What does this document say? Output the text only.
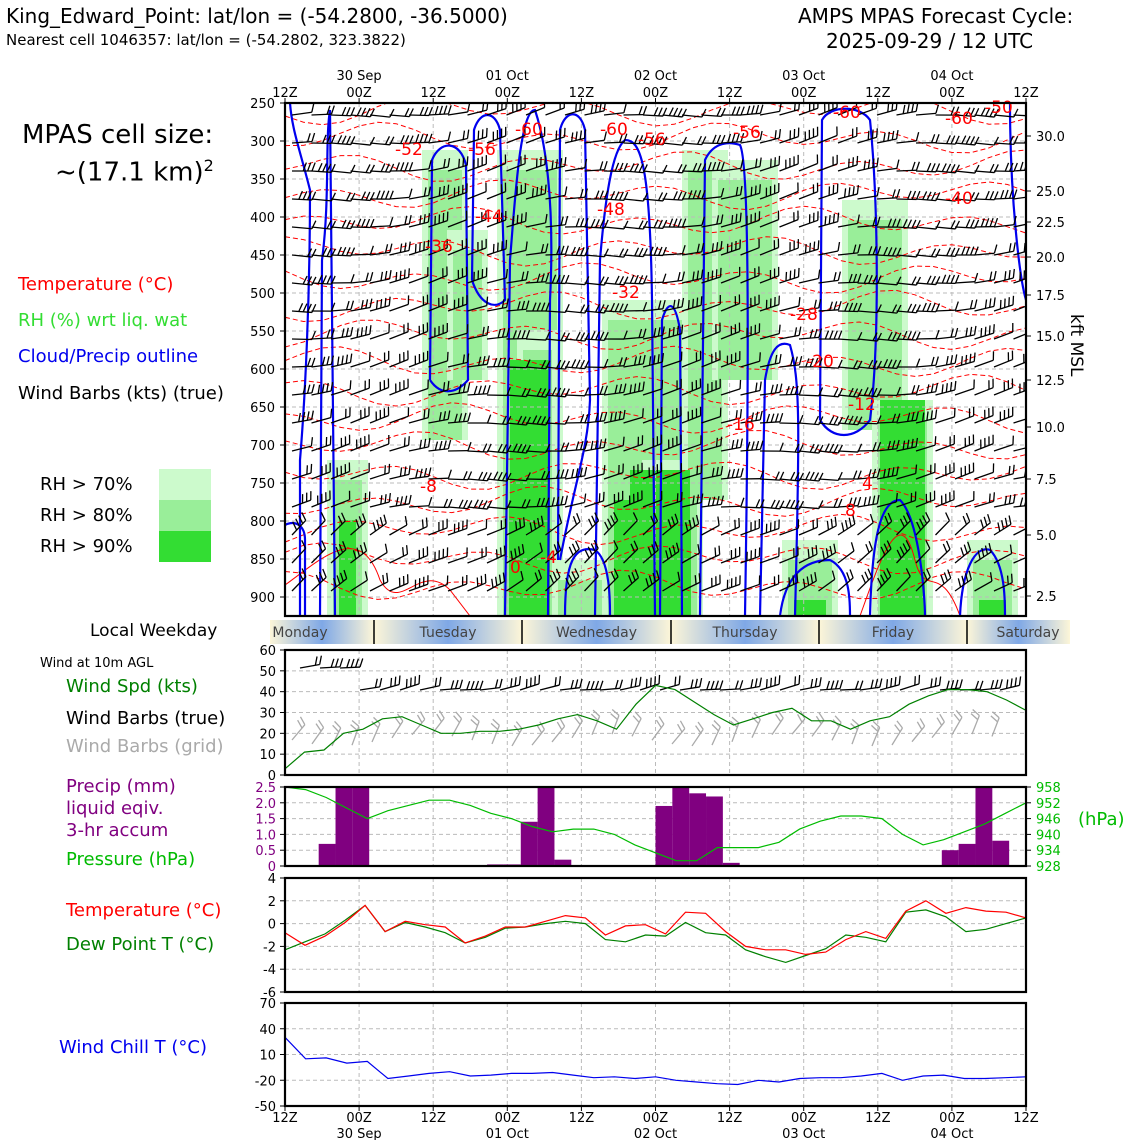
King_Edward_Point: lat/lon = (-54.2800, -36.5000)
Nearest cell 1046357: lat/lon = (-54.2802, 323.3822)
AMPS MPAS Forecast Cycle:
2025-09-29 / 12 UTC
MPAS cell size:
~(17.1 km)$^2$
Temperature (°C)
RH (%) wrt liq. wat
Cloud/Precip outline
Wind Barbs (kts) (true)
RH > 70%
RH > 80%
RH > 90%
Local Weekday
Wind at 10m AGL
Wind Spd (kts)
Wind Barbs (true)
Wind Barbs (grid)
Precip (mm)
liquid eqiv.
3-hr accum
Pressure (hPa)
(hPa)
Temperature (°C)
Dew Point T (°C)
Wind Chill T (°C)
kft MSL
-52	-56
-60	-60 -56	-56
-60	-50
-44	-48
-36
-32
-28
-20
-16
-12
-8
-4
0
8
4
-60
-40
250
300
350
400
450
500
550
600
650
700
750
800
850
900
30.0
25.0
22.5
20.0
17.5
15.0
12.5
10.0
7.5
5.0
2.5
12Z	00Z	12Z	00Z	12Z	00Z	12Z	00Z	12Z	00Z	12Z
30 Sep	01 Oct	02 Oct	03 Oct	04 Oct
Monday	Tuesday	Wednesday	Thursday	Friday	Saturday
60
50
40
30
20
10
0
2.5
2.0
1.5
1.0
0.5
0
958
952
946
940
934
928
4
2
0
-2
-4
-6
70
40
10
-20
-50
12Z	00Z	12Z	00Z	12Z	00Z	12Z	00Z	12Z	00Z	12Z
30 Sep	01 Oct	02 Oct	03 Oct	04 Oct
